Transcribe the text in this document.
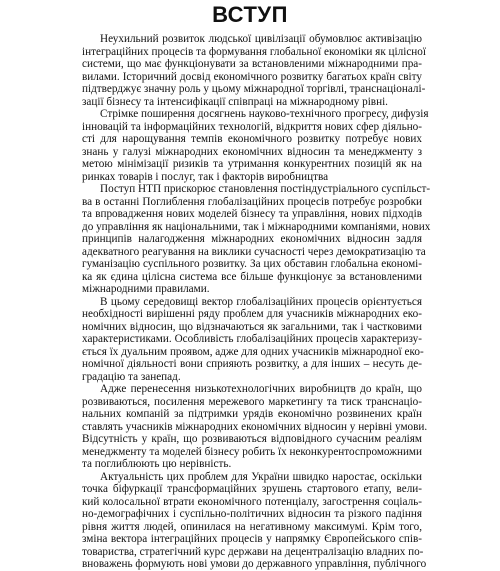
ВСТУП
Неухильний розвиток людської цивілізації обумовлює активізацію
інтеграційних процесів та формування глобальної економіки як цілісної
системи, що має функціонувати за встановленими міжнародними пра-
вилами. Історичний досвід економічного розвитку багатьох країн світу
підтверджує значну роль у цьому міжнародної торгівлі, транснаціоналі-
зації бізнесу та інтенсифікації співпраці на міжнародному рівні.
Стрімке поширення досягнень науково-технічного прогресу, дифузія
інновацій та інформаційних технологій, відкриття нових сфер діяльно-
сті для нарощування темпів економічного розвитку потребує нових
знань у галузі міжнародних економічних відносин та менеджменту з
метою мінімізації ризиків та утримання конкурентних позицій як на
ринках товарів і послуг, так і факторів виробництва
Поступ НТП прискорює становлення постіндустріального суспільст-
ва в останні Поглиблення глобалізаційних процесів потребує розробки
та впровадження нових моделей бізнесу та управління, нових підходів
до управління як національними, так і міжнародними компаніями, нових
принципів налагодження міжнародних економічних відносин задля
адекватного реагування на виклики сучасності через демократизацію та
гуманізацію суспільного розвитку. За цих обставин глобальна економі-
ка як єдина цілісна система все більше функціонує за встановленими
міжнародними правилами.
В цьому середовищі вектор глобалізаційних процесів орієнтується
необхідності вирішенні ряду проблем для учасників міжнародних еко-
номічних відносин, що відзначаються як загальними, так і частковими
характеристиками. Особливість глобалізаційних процесів характеризу-
ється їх дуальним проявом, адже для одних учасників міжнародної еко-
номічної діяльності вони сприяють розвитку, а для інших – несуть де-
градацію та занепад.
Адже перенесення низькотехнологічних виробництв до країн, що
розвиваються, посилення мережевого маркетингу та тиск транснаціо-
нальних компаній за підтримки урядів економічно розвинених країн
ставлять учасників міжнародних економічних відносин у нерівні умови.
Відсутність у країн, що розвиваються відповідного сучасним реаліям
менеджменту та моделей бізнесу робить їх неконкурентоспроможними
та поглиблюють цю нерівність.
Актуальність цих проблем для України швидко наростає, оскільки
точка біфуркації трансформаційних зрушень стартового етапу, вели-
кий колосальної втрати економічного потенціалу, загострення соціаль-
но-демографічних і суспільно-політичних відносин та різкого падіння
рівня життя людей, опинилася на негативному максимумі. Крім того,
зміна вектора інтеграційних процесів у напрямку Європейського спів-
товариства, стратегічний курс держави на децентралізацію владних по-
вноважень формують нові умови до державного управління, публічного
